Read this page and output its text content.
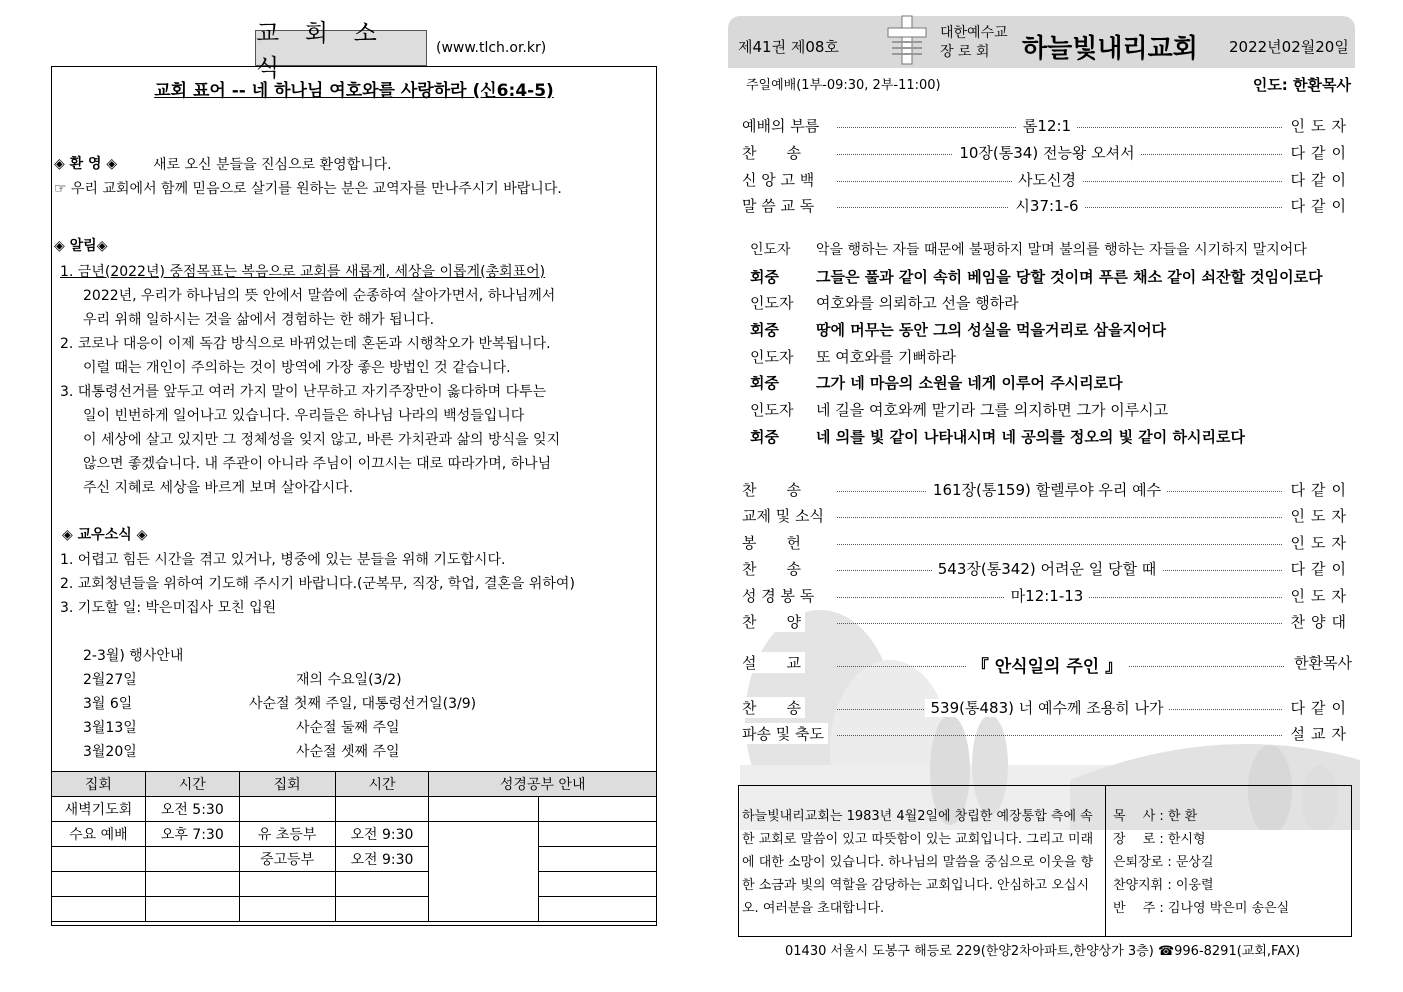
교 회 소 식
(www.tlch.or.kr)
교회 표어 -- 네 하나님 여호와를 사랑하라 (신6:4-5)
◈ 환 영 ◈	새로 오신 분들을 진심으로 환영합니다.
☞ 우리 교회에서 함께 믿음으로 살기를 원하는 분은 교역자를 만나주시기 바랍니다.
◈ 알림◈
1. 금년(2022년) 중점목표는 복음으로 교회를 새롭게, 세상을 이롭게(총회표어)
2022년, 우리가 하나님의 뜻 안에서 말씀에 순종하여 살아가면서, 하나님께서
우리 위해 일하시는 것을 삶에서 경험하는 한 해가 됩니다.
2. 코로나 대응이 이제 독감 방식으로 바뀌었는데 혼돈과 시행착오가 반복됩니다.
이럴 때는 개인이 주의하는 것이 방역에 가장 좋은 방법인 것 같습니다.
3. 대통령선거를 앞두고 여러 가지 말이 난무하고 자기주장만이 옳다하며 다투는
일이 빈번하게 일어나고 있습니다. 우리들은 하나님 나라의 백성들입니다
이 세상에 살고 있지만 그 정체성을 잊지 않고, 바른 가치관과 삶의 방식을 잊지
않으면 좋겠습니다. 내 주관이 아니라 주님이 이끄시는 대로 따라가며, 하나님
주신 지혜로 세상을 바르게 보며 살아갑시다.
◈ 교우소식 ◈
1. 어렵고 힘든 시간을 겪고 있거나, 병중에 있는 분들을 위해 기도합시다.
2. 교회청년들을 위하여 기도해 주시기 바랍니다.(군복무, 직장, 학업, 결혼을 위하여)
3. 기도할 일: 박은미집사 모친 입원
2-3월) 행사안내
2월27일	재의 수요일(3/2)
3월 6일	사순절 첫째 주일, 대통령선거일(3/9)
3월13일	사순절 둘째 주일
3월20일	사순절 셋째 주일
집회	시간	집회	시간	성경공부 안내	
새벽기도회	오전 5:30				
수요 예배	오후 7:30	유 초등부	오전 9:30		
		중고등부	오전 9:30		

제41권 제08호
대한예수교
장 로 회	하늘빛내리교회 2022년02월20일
주일예배(1부-09:30, 2부-11:00)	인도: 한환목사
예배의 부름	롬12:1	인도자
찬　　송	10장(통34) 전능왕 오셔서	다같이
신 앙 고 백	사도신경	다같이
말 씀 교 독	시37:1-6	다같이
인도자 악을 행하는 자들 때문에 불평하지 말며 불의를 행하는 자들을 시기하지 말지어다
회중 그들은 풀과 같이 속히 베임을 당할 것이며 푸른 채소 같이 쇠잔할 것임이로다
인도자 여호와를 의뢰하고 선을 행하라
회중 땅에 머무는 동안 그의 성실을 먹을거리로 삼을지어다
인도자 또 여호와를 기뻐하라
회중 그가 네 마음의 소원을 네게 이루어 주시리로다
인도자 네 길을 여호와께 맡기라 그를 의지하면 그가 이루시고
회중 네 의를 빛 같이 나타내시며 네 공의를 정오의 빛 같이 하시리로다
찬　　송	161장(통159) 할렐루야 우리 예수	다같이
교제 및 소식	인도자
봉　　헌	인도자
찬　　송	543장(통342) 어려운 일 당할 때	다같이
성 경 봉 독	마12:1-13	인도자
찬　　양	찬양대
설　　교	『 안식일의 주인 』	한환목사
찬　　송	539(통483) 너 예수께 조용히 나가	다같이
파송 및 축도	설교자
하늘빛내리교회는 1983년 4월2일에 창립한 예장통합 측에 속한 교회로 말씀이 있고 따뜻함이 있는 교회입니다. 그리고 미래에 대한 소망이 있습니다. 하나님의 말씀을 중심으로 이웃을 향한 소금과 빛의 역할을 감당하는 교회입니다. 안심하고 오십시오. 여러분을 초대합니다.
목　 사 : 한 환
장　 로 : 한시형
은퇴장로 : 문상길
찬양지휘 : 이웅렬
반　 주 : 김나영 박은미 송은실
01430 서울시 도봉구 해등로 229(한양2차아파트,한양상가 3층) ☎996-8291(교회,FAX)
